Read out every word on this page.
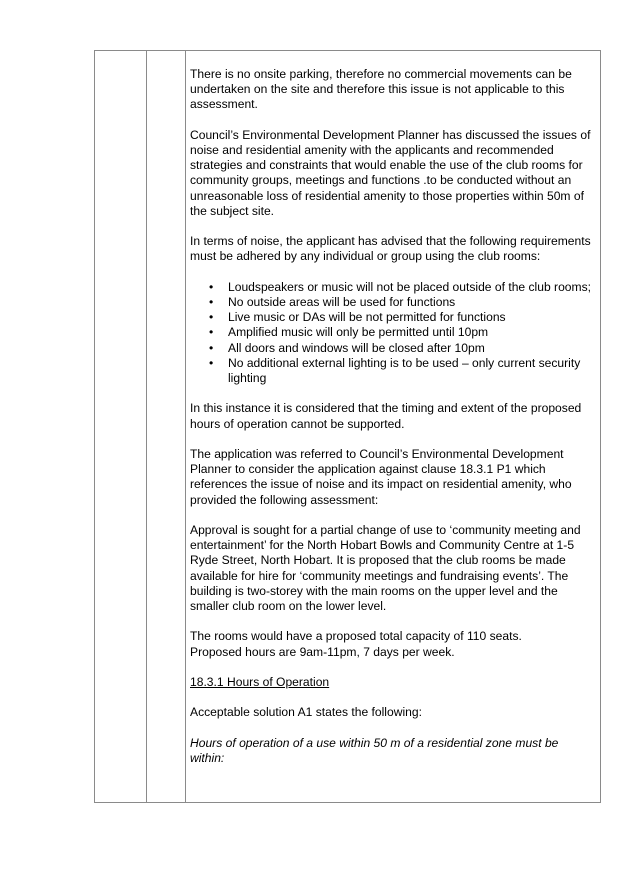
There is no onsite parking, therefore no commercial movements can be undertaken on the site and therefore this issue is not applicable to this assessment.

Council’s Environmental Development Planner has discussed the issues of noise and residential amenity with the applicants and recommended strategies and constraints that would enable the use of the club rooms for community groups, meetings and functions .to be conducted without an unreasonable loss of residential amenity to those properties within 50m of the subject site.

In terms of noise, the applicant has advised that the following requirements must be adhered by any individual or group using the club rooms:

• Loudspeakers or music will not be placed outside of the club rooms;
• No outside areas will be used for functions
• Live music or DAs will be not permitted for functions
• Amplified music will only be permitted until 10pm
• All doors and windows will be closed after 10pm
• No additional external lighting is to be used – only current security lighting

In this instance it is considered that the timing and extent of the proposed hours of operation cannot be supported.

The application was referred to Council’s Environmental Development Planner to consider the application against clause 18.3.1 P1 which references the issue of noise and its impact on residential amenity, who provided the following assessment:

Approval is sought for a partial change of use to ‘community meeting and entertainment’ for the North Hobart Bowls and Community Centre at 1-5 Ryde Street, North Hobart. It is proposed that the club rooms be made available for hire for ‘community meetings and fundraising events’. The building is two-storey with the main rooms on the upper level and the smaller club room on the lower level.

The rooms would have a proposed total capacity of 110 seats.
Proposed hours are 9am-11pm, 7 days per week.

18.3.1 Hours of Operation

Acceptable solution A1 states the following:

Hours of operation of a use within 50 m of a residential zone must be within:
